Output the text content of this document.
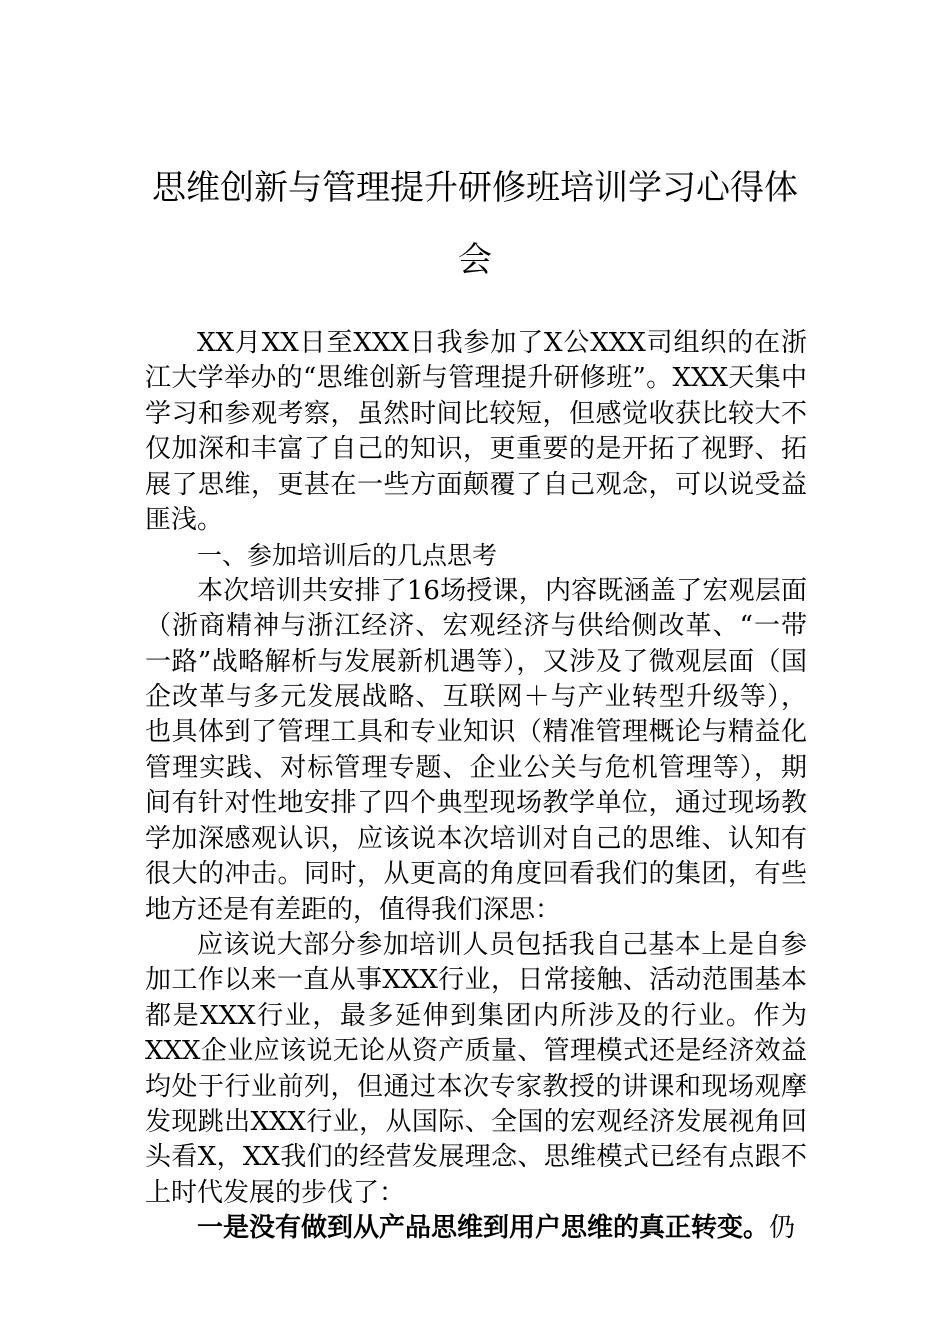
思维创新与管理提升研修班培训学习心得体会

XX月XX日至XXX日我参加了X公XXX司组织的在浙江大学举办的“思维创新与管理提升研修班”。XXX天集中学习和参观考察，虽然时间比较短，但感觉收获比较大不仅加深和丰富了自己的知识，更重要的是开拓了视野、拓展了思维，更甚在一些方面颠覆了自己观念，可以说受益匪浅。

一、参加培训后的几点思考

本次培训共安排了16场授课，内容既涵盖了宏观层面（浙商精神与浙江经济、宏观经济与供给侧改革、“一带一路”战略解析与发展新机遇等），又涉及了微观层面（国企改革与多元发展战略、互联网＋与产业转型升级等），也具体到了管理工具和专业知识（精准管理概论与精益化管理实践、对标管理专题、企业公关与危机管理等），期间有针对性地安排了四个典型现场教学单位，通过现场教学加深感观认识，应该说本次培训对自己的思维、认知有很大的冲击。同时，从更高的角度回看我们的集团，有些地方还是有差距的，值得我们深思：

应该说大部分参加培训人员包括我自己基本上是自参加工作以来一直从事XXX行业，日常接触、活动范围基本都是XXX行业，最多延伸到集团内所涉及的行业。作为XXX企业应该说无论从资产质量、管理模式还是经济效益均处于行业前列，但通过本次专家教授的讲课和现场观摩发现跳出XXX行业，从国际、全国的宏观经济发展视角回头看X，XX我们的经营发展理念、思维模式已经有点跟不上时代发展的步伐了：

一是没有做到从产品思维到用户思维的真正转变。仍
